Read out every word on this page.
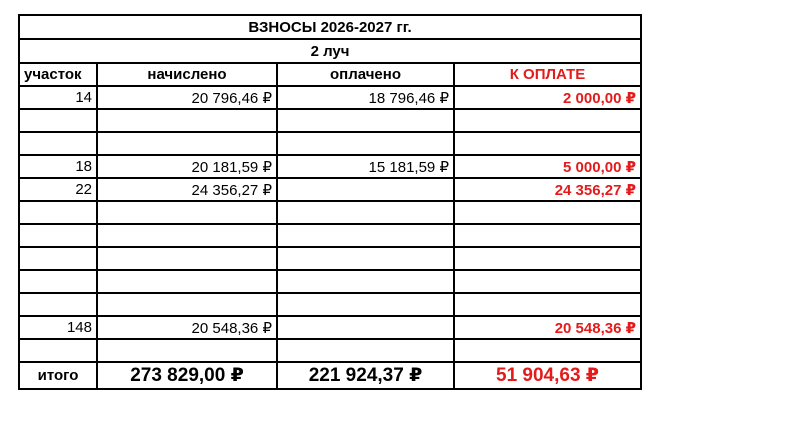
ВЗНОСЫ 2026-2027 гг.			
2 луч			
участок	начислено	оплачено	К ОПЛАТЕ
14	20 796,46 ₽	18 796,46 ₽	2 000,00 ₽

18	20 181,59 ₽	15 181,59 ₽	5 000,00 ₽
22	24 356,27 ₽		24 356,27 ₽

148	20 548,36 ₽		20 548,36 ₽

итого	273 829,00 ₽	221 924,37 ₽	51 904,63 ₽
